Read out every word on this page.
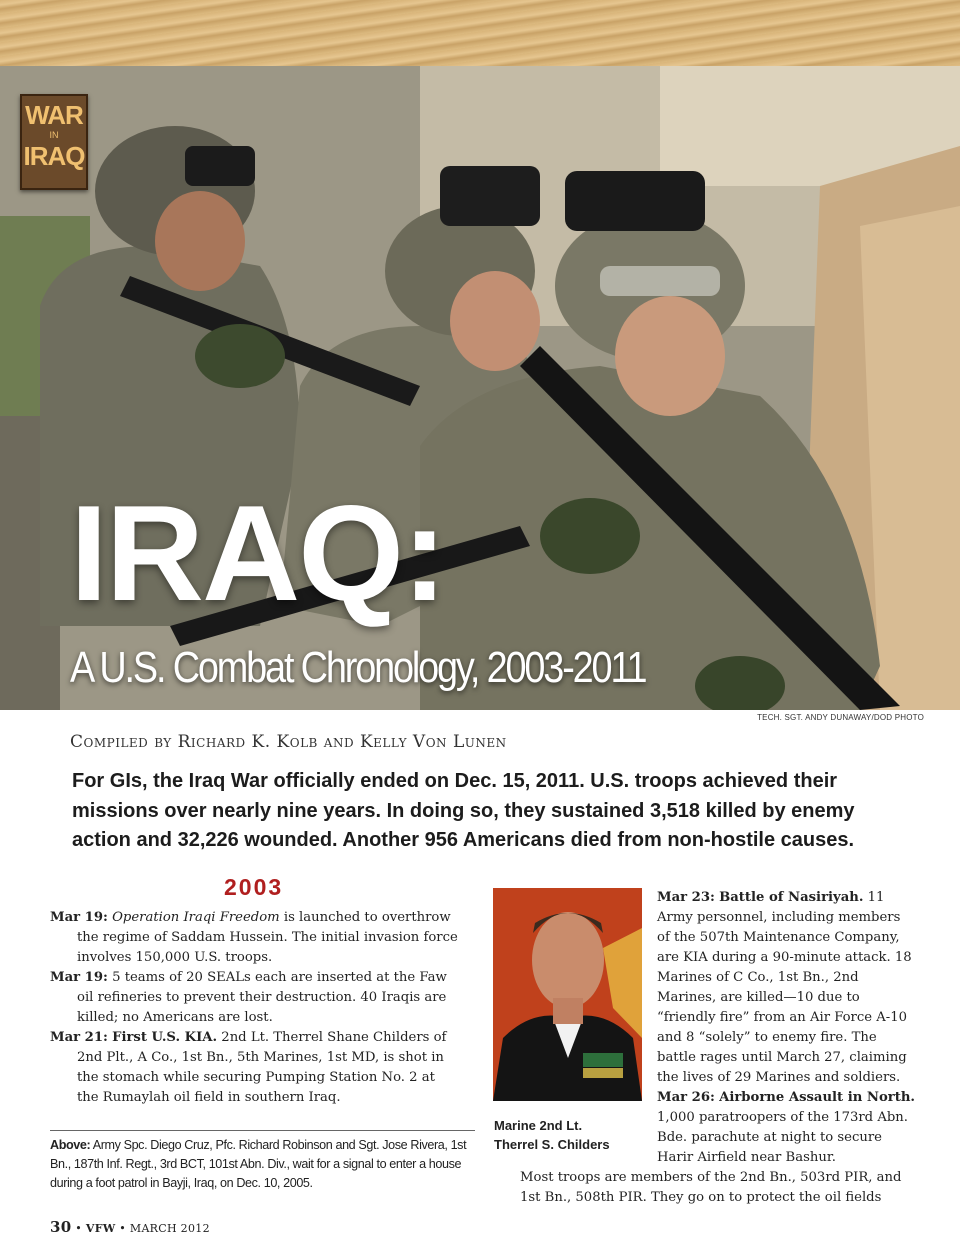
WAR
IN
IRAQ
IRAQ:
A U.S. Combat Chronology, 2003-2011
TECH. SGT. ANDY DUNAWAY/DOD PHOTO
Compiled by Richard K. Kolb and Kelly Von Lunen
For GIs, the Iraq War officially ended on Dec. 15, 2011. U.S. troops achieved their missions over nearly nine years. In doing so, they sustained 3,518 killed by enemy action and 32,226 wounded. Another 956 Americans died from non-hostile causes.
2003
Mar 19: Operation Iraqi Freedom is launched to overthrow the regime of Saddam Hussein. The initial invasion force involves 150,000 U.S. troops.
Mar 19: 5 teams of 20 SEALs each are inserted at the Faw oil refineries to prevent their destruction. 40 Iraqis are killed; no Americans are lost.
Mar 21: First U.S. KIA. 2nd Lt. Therrel Shane Childers of 2nd Plt., A Co., 1st Bn., 5th Marines, 1st MD, is shot in the stomach while securing Pumping Station No. 2 at the Rumaylah oil field in southern Iraq.
Above: Army Spc. Diego Cruz, Pfc. Richard Robinson and Sgt. Jose Rivera, 1st Bn., 187th Inf. Regt., 3rd BCT, 101st Abn. Div., wait for a signal to enter a house during a foot patrol in Bayji, Iraq, on Dec. 10, 2005.
Marine 2nd Lt.
Therrel S. Childers
Mar 23: Battle of Nasiriyah. 11 Army personnel, including members of the 507th Maintenance Company, are KIA during a 90-minute attack. 18 Marines of C Co., 1st Bn., 2nd Marines, are killed—10 due to “friendly fire” from an Air Force A-10 and 8 “solely” to enemy fire. The battle rages until March 27, claiming the lives of 29 Marines and soldiers.
Mar 26: Airborne Assault in North. 1,000 paratroopers of the 173rd Abn. Bde. parachute at night to secure Harir Airfield near Bashur.
Most troops are members of the 2nd Bn., 503rd PIR, and 1st Bn., 508th PIR. They go on to protect the oil fields
30 • VFW • MARCH 2012
